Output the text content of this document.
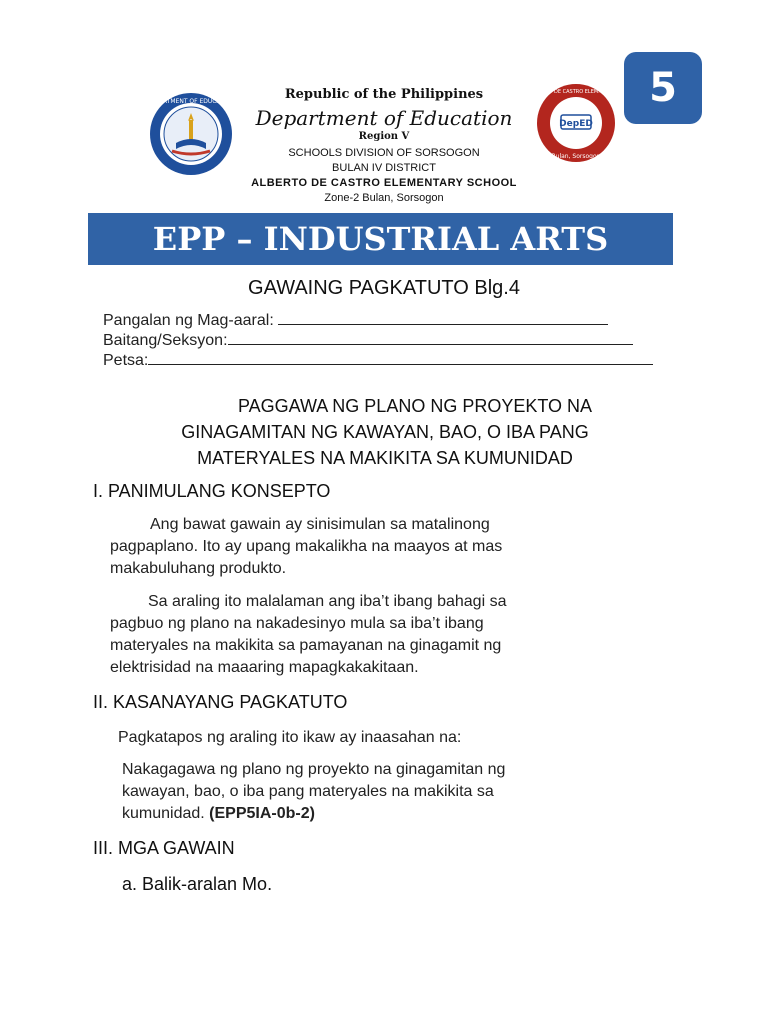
5
DEPARTMENT OF EDUCATION
DepED
ALBERTO DE CASTRO ELEM. SCHOOL
Bulan, Sorsogon
Republic of the Philippines
Department of Education
Region V
SCHOOLS DIVISION OF SORSOGON
BULAN IV DISTRICT
ALBERTO DE CASTRO ELEMENTARY SCHOOL
Zone-2 Bulan, Sorsogon
EPP – INDUSTRIAL ARTS
GAWAING PAGKATUTO Blg.4
Pangalan ng Mag-aaral:
Baitang/Seksyon:
Petsa:
PAGGAWA NG PLANO NG PROYEKTO NA
GINAGAMITAN NG KAWAYAN, BAO, O IBA PANG
MATERYALES NA MAKIKITA SA KUMUNIDAD
I. PANIMULANG KONSEPTO
Ang bawat gawain ay sinisimulan sa matalinong
pagpaplano. Ito ay upang makalikha na maayos at mas
makabuluhang produkto.
Sa araling ito malalaman ang iba’t ibang bahagi sa
pagbuo ng plano na nakadesinyo mula sa iba’t ibang
materyales na makikita sa pamayanan na ginagamit ng
elektrisidad na maaaring mapagkakakitaan.
II. KASANAYANG PAGKATUTO
Pagkatapos ng araling ito ikaw ay inaasahan na:
Nakagagawa ng plano ng proyekto na ginagamitan ng
kawayan, bao, o iba pang materyales na makikita sa
kumunidad. (EPP5IA-0b-2)
III. MGA GAWAIN
a. Balik-aralan Mo.
